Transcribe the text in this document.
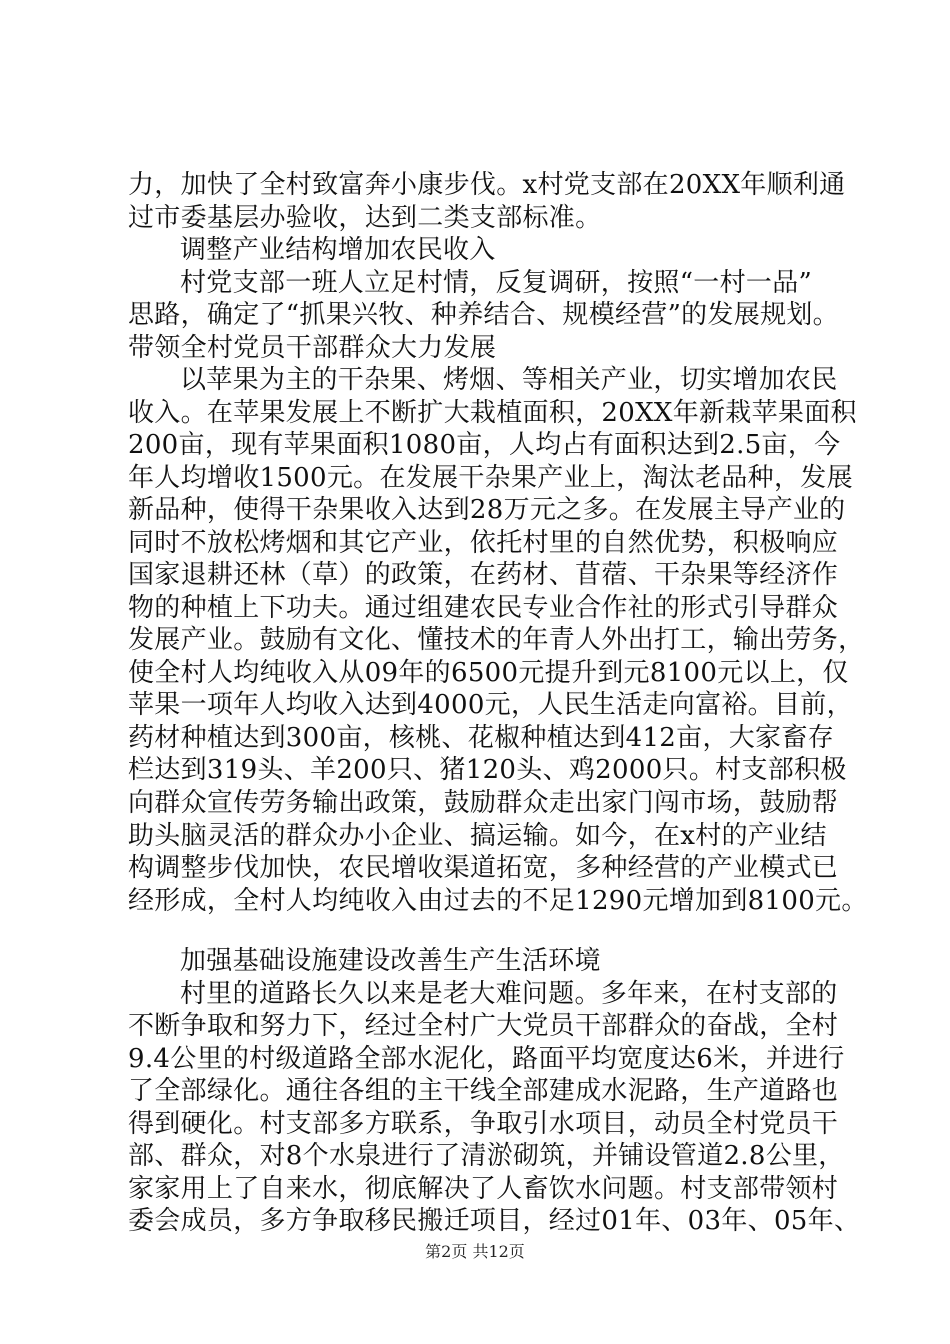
力，加快了全村致富奔小康步伐。x村党支部在20XX年顺利通
过市委基层办验收，达到二类支部标准。
调整产业结构增加农民收入
村党支部一班人立足村情，反复调研，按照“一村一品”
思路，确定了“抓果兴牧、种养结合、规模经营”的发展规划。
带领全村党员干部群众大力发展
以苹果为主的干杂果、烤烟、等相关产业，切实增加农民
收入。在苹果发展上不断扩大栽植面积，20XX年新栽苹果面积
200亩，现有苹果面积1080亩，人均占有面积达到2.5亩，今
年人均增收1500元。在发展干杂果产业上，淘汰老品种，发展
新品种，使得干杂果收入达到28万元之多。在发展主导产业的
同时不放松烤烟和其它产业，依托村里的自然优势，积极响应
国家退耕还林（草）的政策，在药材、苜蓿、干杂果等经济作
物的种植上下功夫。通过组建农民专业合作社的形式引导群众
发展产业。鼓励有文化、懂技术的年青人外出打工，输出劳务，
使全村人均纯收入从09年的6500元提升到元8100元以上，仅
苹果一项年人均收入达到4000元，人民生活走向富裕。目前，
药材种植达到300亩，核桃、花椒种植达到412亩，大家畜存
栏达到319头、羊200只、猪120头、鸡2000只。村支部积极
向群众宣传劳务输出政策，鼓励群众走出家门闯市场，鼓励帮
助头脑灵活的群众办小企业、搞运输。如今，在x村的产业结
构调整步伐加快，农民增收渠道拓宽，多种经营的产业模式已
经形成，全村人均纯收入由过去的不足1290元增加到8100元。
加强基础设施建设改善生产生活环境
村里的道路长久以来是老大难问题。多年来，在村支部的
不断争取和努力下，经过全村广大党员干部群众的奋战，全村
9.4公里的村级道路全部水泥化，路面平均宽度达6米，并进行
了全部绿化。通往各组的主干线全部建成水泥路，生产道路也
得到硬化。村支部多方联系，争取引水项目，动员全村党员干
部、群众，对8个水泉进行了清淤砌筑，并铺设管道2.8公里，
家家用上了自来水，彻底解决了人畜饮水问题。村支部带领村
委会成员，多方争取移民搬迁项目，经过01年、03年、05年、
第2页 共12页
